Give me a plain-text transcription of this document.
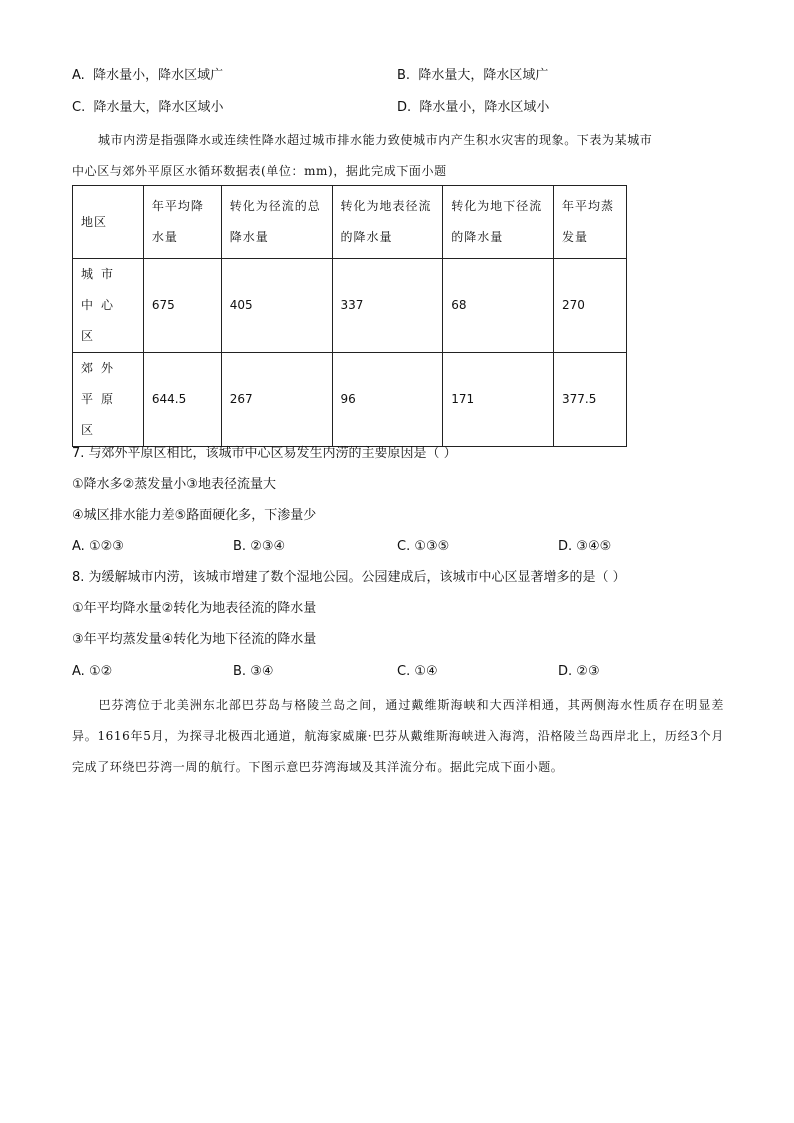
A. 降水量小，降水区域广	B. 降水量大，降水区域广
C. 降水量大，降水区域小	D. 降水量小，降水区域小
城市内涝是指强降水或连续性降水超过城市排水能力致使城市内产生积水灾害的现象。下表为某城市
中心区与郊外平原区水循环数据表(单位：mm)，据此完成下面小题
地区	年平均降水量	转化为径流的总降水量	转化为地表径流的降水量	转化为地下径流的降水量	年平均蒸发量
城市中心区	675	405	337	68	270
郊外平原区	644.5	267	96	171	377.5
7. 与郊外平原区相比，该城市中心区易发生内涝的主要原因是（ ）
①降水多②蒸发量小③地表径流量大
④城区排水能力差⑤路面硬化多，下渗量少
A. ①②③	B. ②③④	C. ①③⑤	D. ③④⑤
8. 为缓解城市内涝，该城市增建了数个湿地公园。公园建成后，该城市中心区显著增多的是（ ）
①年平均降水量②转化为地表径流的降水量
③年平均蒸发量④转化为地下径流的降水量
A. ①②	B. ③④	C. ①④	D. ②③
巴芬湾位于北美洲东北部巴芬岛与格陵兰岛之间，通过戴维斯海峡和大西洋相通，其两侧海水性质存在明显差异。1616年5月，为探寻北极西北通道，航海家威廉·巴芬从戴维斯海峡进入海湾，沿格陵兰岛西岸北上，历经3个月完成了环绕巴芬湾一周的航行。下图示意巴芬湾海域及其洋流分布。据此完成下面小题。
